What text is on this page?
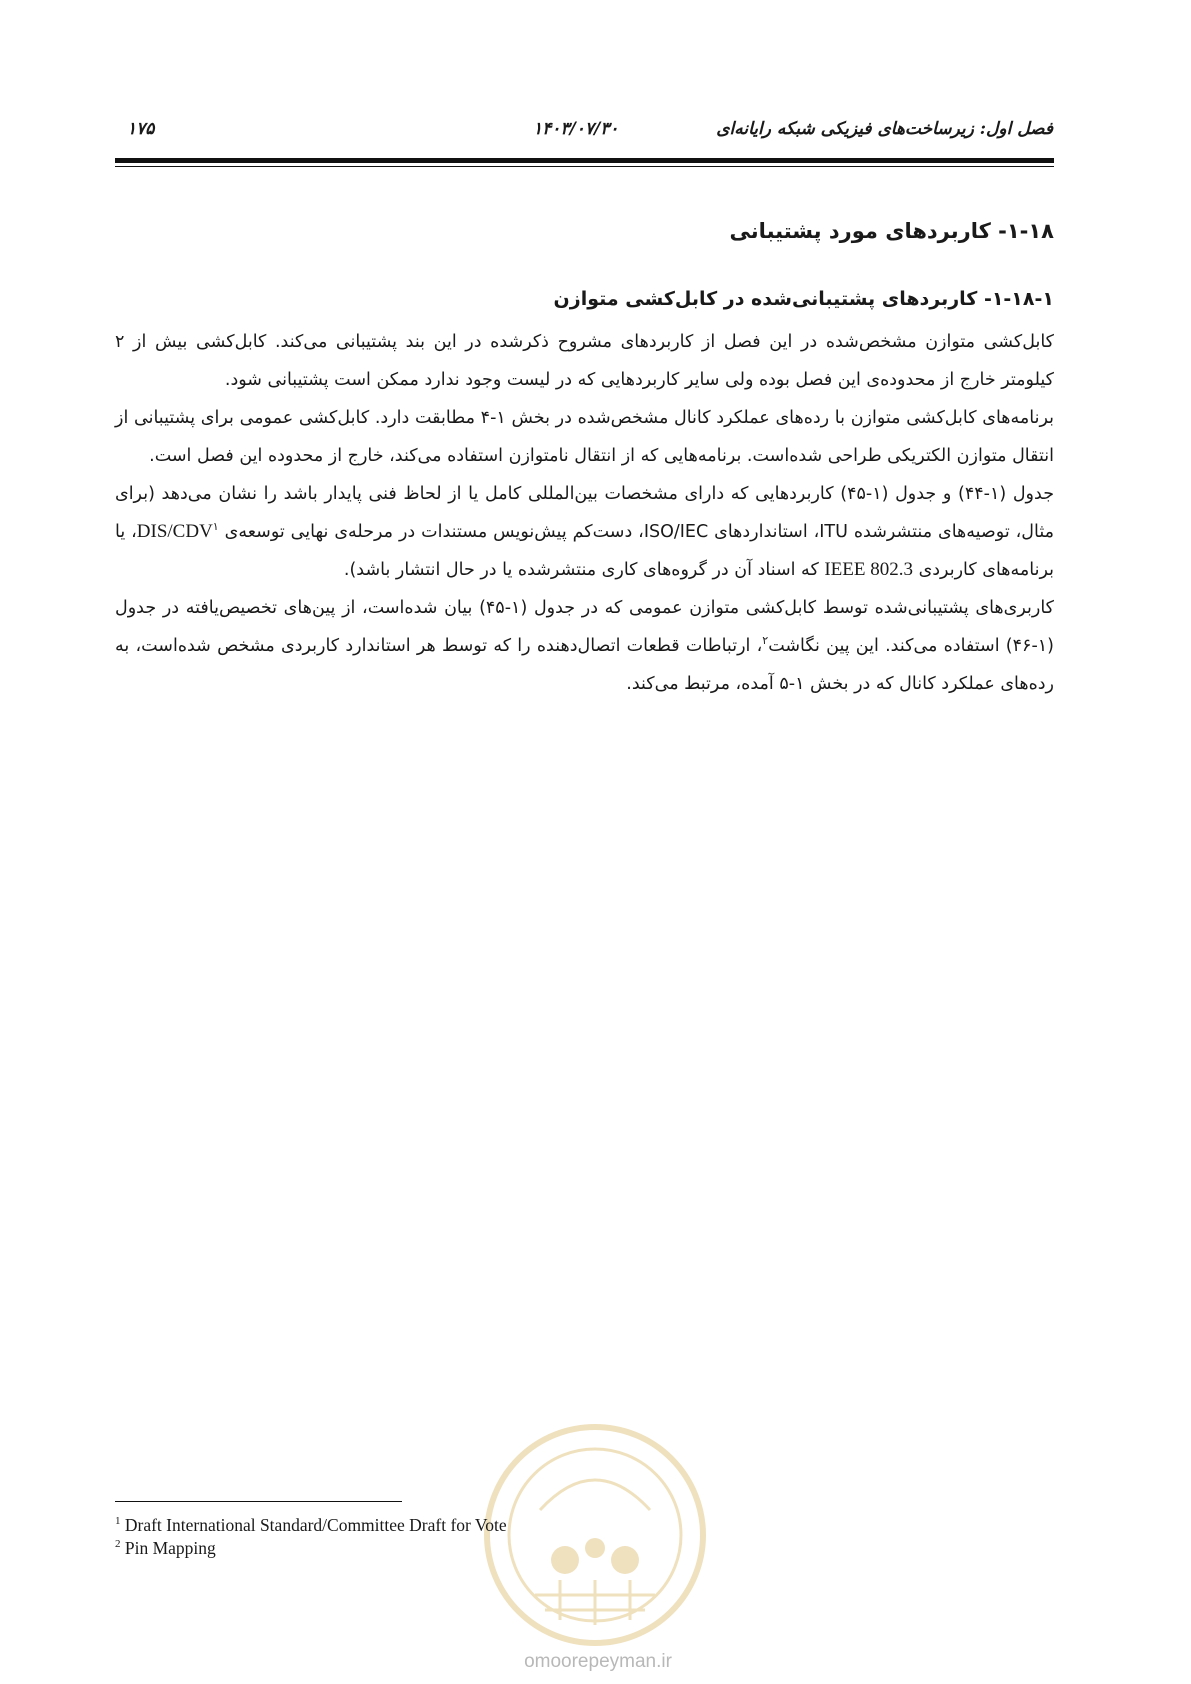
فصل اول: زیرساخت‌های فیزیکی شبکه رایانه‌ای
۱۴۰۳/۰۷/۳۰
۱۷۵
۱-۱۸- کاربردهای مورد پشتیبانی
۱-۱۸-۱- کاربردهای پشتیبانی‌شده در کابل‌کشی متوازن

کابل‌کشی متوازن مشخص‌شده در این فصل از کاربردهای مشروح ذکرشده در این بند پشتیبانی می‌کند. کابل‌کشی بیش از ۲ کیلومتر خارج از محدوده‌ی این فصل بوده ولی سایر کاربردهایی که در لیست وجود ندارد ممکن است پشتیبانی شود.

برنامه‌های کابل‌کشی متوازن با رده‌های عملکرد کانال مشخص‌شده در بخش ۱-۴ مطابقت دارد. کابل‌کشی عمومی برای پشتیبانی از انتقال متوازن الکتریکی طراحی شده‌است. برنامه‌هایی که از انتقال نامتوازن استفاده می‌کند، خارج از محدوده این فصل است.

جدول (۱-۴۴) و جدول (۱-۴۵) کاربردهایی که دارای مشخصات بین‌المللی کامل یا از لحاظ فنی پایدار باشد را نشان می‌دهد (برای مثال، توصیه‌های منتشرشده ITU، استانداردهای ISO/IEC، دست‌کم پیش‌نویس مستندات در مرحله‌ی نهایی توسعه‌ی DIS/CDV$^۱$، یا برنامه‌های کاربردی IEEE 802.3 که اسناد آن در گروه‌های کاری منتشرشده یا در حال انتشار باشد).

کاربری‌های پشتیبانی‌شده توسط کابل‌کشی متوازن عمومی که در جدول (۱-۴۵) بیان شده‌است، از پین‌های تخصیص‌یافته در جدول (۱-۴۶) استفاده می‌کند. این پین نگاشت$^۲$، ارتباطات قطعات اتصال‌دهنده را که توسط هر استاندارد کاربردی مشخص شده‌است، به رده‌های عملکرد کانال که در بخش ۱-۵ آمده، مرتبط می‌کند.

omoorepeyman.ir
$^1$ Draft International Standard/Committee Draft for Vote
$^2$ Pin Mapping
